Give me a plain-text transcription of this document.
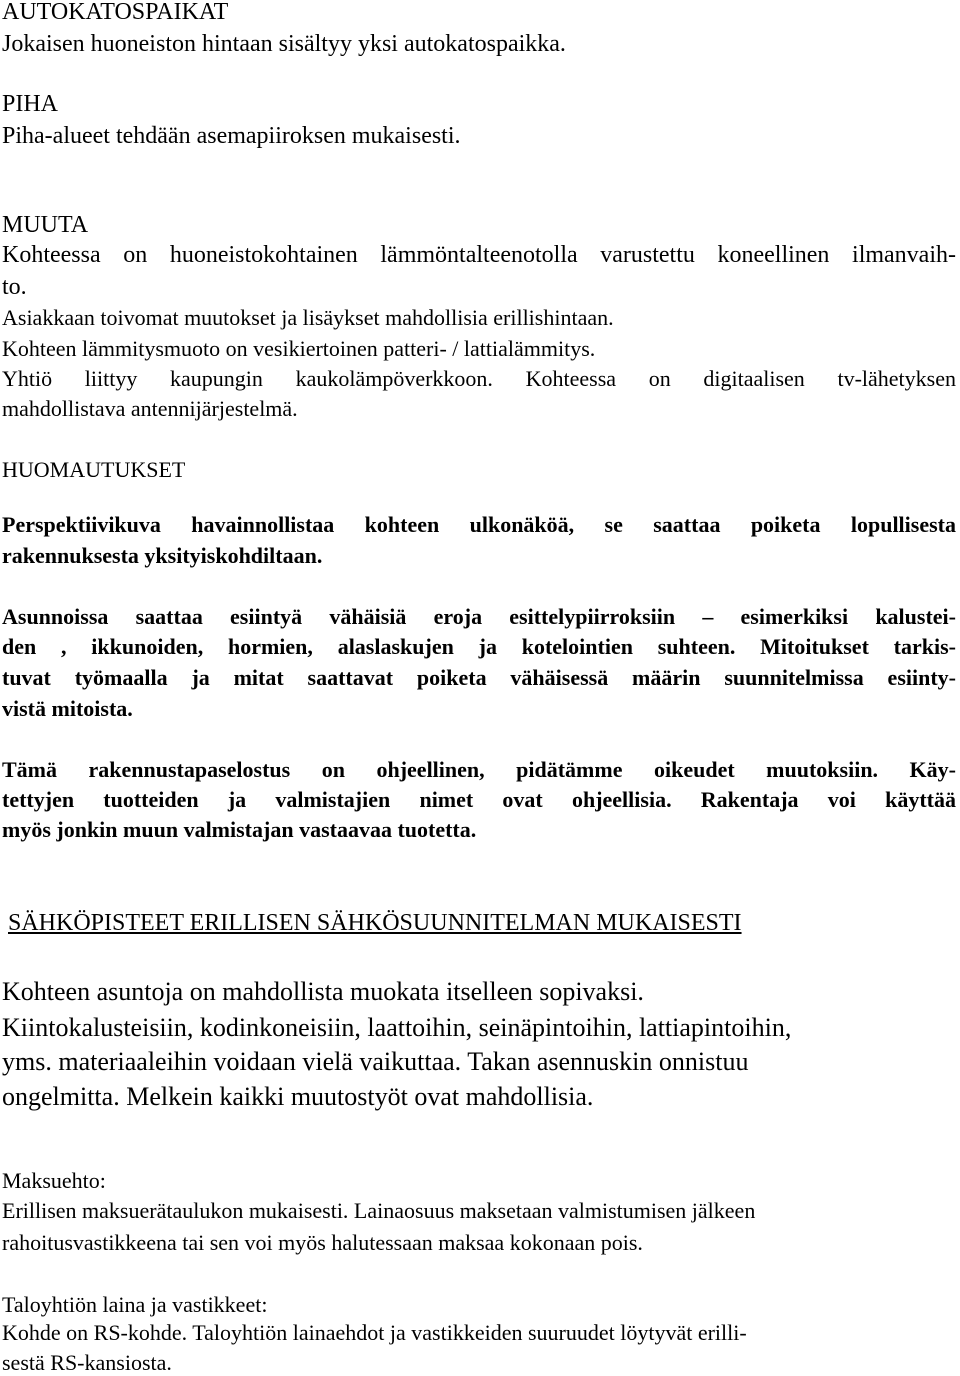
AUTOKATOSPAIKAT

Jokaisen huoneiston hintaan sisältyy yksi autokatospaikka.

PIHA

Piha-alueet tehdään asemapiiroksen mukaisesti.

MUUTA

Kohteessa on huoneistokohtainen lämmöntalteenotolla varustettu koneellinen ilmanvaih-

to.

Asiakkaan toivomat muutokset ja lisäykset mahdollisia erillishintaan.

Kohteen lämmitysmuoto on vesikiertoinen patteri- / lattialämmitys.

Yhtiö liittyy kaupungin kaukolämpöverkkoon. Kohteessa on digitaalisen tv-lähetyksen

mahdollistava antennijärjestelmä.

HUOMAUTUKSET

Perspektiivikuva havainnollistaa kohteen ulkonäköä, se saattaa poiketa lopullisesta

rakennuksesta yksityiskohdiltaan.

Asunnoissa saattaa esiintyä vähäisiä eroja esittelypiirroksiin – esimerkiksi kalustei-

den , ikkunoiden, hormien, alaslaskujen ja kotelointien suhteen. Mitoitukset tarkis-

tuvat työmaalla ja mitat saattavat poiketa vähäisessä määrin suunnitelmissa esiinty-

vistä mitoista.

Tämä rakennustapaselostus on ohjeellinen, pidätämme oikeudet muutoksiin. Käy-

tettyjen tuotteiden ja valmistajien nimet ovat ohjeellisia. Rakentaja voi käyttää

myös jonkin muun valmistajan vastaavaa tuotetta.

SÄHKÖPISTEET ERILLISEN SÄHKÖSUUNNITELMAN MUKAISESTI

Kohteen asuntoja on mahdollista muokata itselleen sopivaksi.

Kiintokalusteisiin, kodinkoneisiin, laattoihin, seinäpintoihin, lattiapintoihin,

yms. materiaaleihin voidaan vielä vaikuttaa. Takan asennuskin onnistuu

ongelmitta. Melkein kaikki muutostyöt ovat mahdollisia.

Maksuehto:

Erillisen maksuerätaulukon mukaisesti. Lainaosuus maksetaan valmistumisen jälkeen

rahoitusvastikkeena tai sen voi myös halutessaan maksaa kokonaan pois.

Taloyhtiön laina ja vastikkeet:

Kohde on RS-kohde. Taloyhtiön lainaehdot ja vastikkeiden suuruudet löytyvät erilli-

sestä RS-kansiosta.
